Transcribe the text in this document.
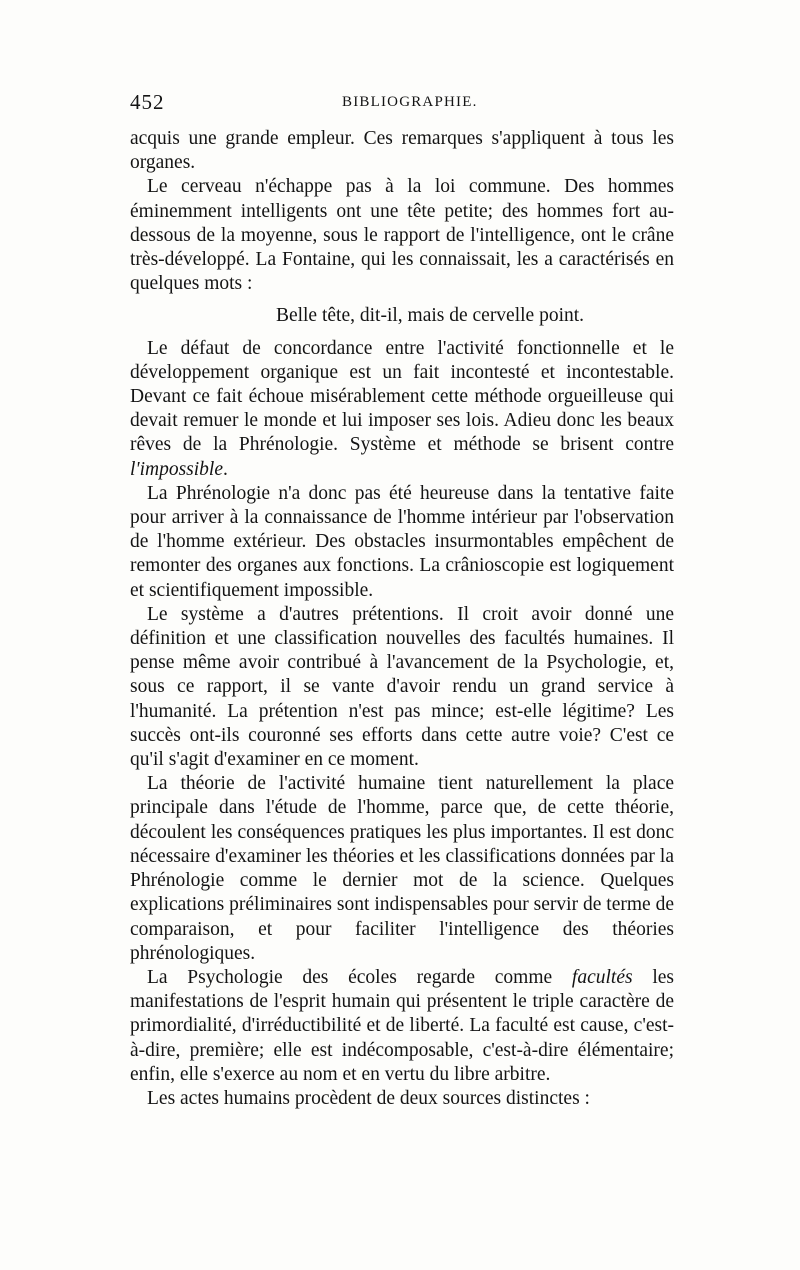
452	BIBLIOGRAPHIE.

acquis une grande empleur. Ces remarques s'appliquent à tous les organes.

Le cerveau n'échappe pas à la loi commune. Des hommes éminemment intelligents ont une tête petite; des hommes fort au-dessous de la moyenne, sous le rapport de l'intelligence, ont le crâne très-développé. La Fontaine, qui les connaissait, les a caractérisés en quelques mots :

Belle tête, dit-il, mais de cervelle point.

Le défaut de concordance entre l'activité fonctionnelle et le développement organique est un fait incontesté et incontestable. Devant ce fait échoue misérablement cette méthode orgueilleuse qui devait remuer le monde et lui imposer ses lois. Adieu donc les beaux rêves de la Phrénologie. Système et méthode se brisent contre l'impossible.

La Phrénologie n'a donc pas été heureuse dans la tentative faite pour arriver à la connaissance de l'homme intérieur par l'observation de l'homme extérieur. Des obstacles insurmontables empêchent de remonter des organes aux fonctions. La crânioscopie est logiquement et scientifiquement impossible.

Le système a d'autres prétentions. Il croit avoir donné une définition et une classification nouvelles des facultés humaines. Il pense même avoir contribué à l'avancement de la Psychologie, et, sous ce rapport, il se vante d'avoir rendu un grand service à l'humanité. La prétention n'est pas mince; est-elle légitime? Les succès ont-ils couronné ses efforts dans cette autre voie? C'est ce qu'il s'agit d'examiner en ce moment.

La théorie de l'activité humaine tient naturellement la place principale dans l'étude de l'homme, parce que, de cette théorie, découlent les conséquences pratiques les plus importantes. Il est donc nécessaire d'examiner les théories et les classifications données par la Phrénologie comme le dernier mot de la science. Quelques explications préliminaires sont indispensables pour servir de terme de comparaison, et pour faciliter l'intelligence des théories phrénologiques.

La Psychologie des écoles regarde comme facultés les manifestations de l'esprit humain qui présentent le triple caractère de primordialité, d'irréductibilité et de liberté. La faculté est cause, c'est-à-dire, première; elle est indécomposable, c'est-à-dire élémentaire; enfin, elle s'exerce au nom et en vertu du libre arbitre.

Les actes humains procèdent de deux sources distinctes :
